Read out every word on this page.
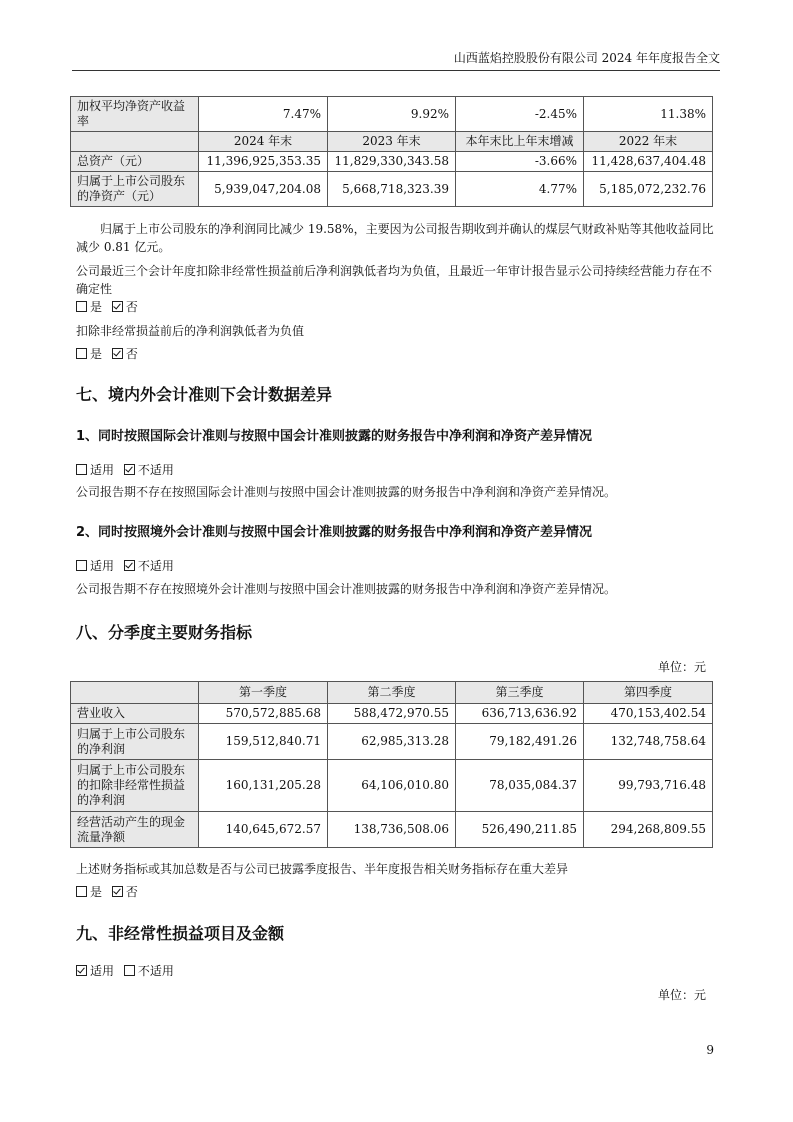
山西蓝焰控股股份有限公司 2024 年年度报告全文
加权平均净资产收益率	7.47%	9.92%	-2.45%	11.38%
	2024 年末	2023 年末	本年末比上年末增减	2022 年末
总资产（元）	11,396,925,353.35	11,829,330,343.58	-3.66%	11,428,637,404.48
归属于上市公司股东的净资产（元）	5,939,047,204.08	5,668,718,323.39	4.77%	5,185,072,232.76
归属于上市公司股东的净利润同比减少 19.58%，主要因为公司报告期收到并确认的煤层气财政补贴等其他收益同比减少 0.81 亿元。
公司最近三个会计年度扣除非经常性损益前后净利润孰低者均为负值，且最近一年审计报告显示公司持续经营能力存在不确定性
是 否
扣除非经常损益前后的净利润孰低者为负值
是 否
七、境内外会计准则下会计数据差异
1、同时按照国际会计准则与按照中国会计准则披露的财务报告中净利润和净资产差异情况
适用 不适用
公司报告期不存在按照国际会计准则与按照中国会计准则披露的财务报告中净利润和净资产差异情况。
2、同时按照境外会计准则与按照中国会计准则披露的财务报告中净利润和净资产差异情况
适用 不适用
公司报告期不存在按照境外会计准则与按照中国会计准则披露的财务报告中净利润和净资产差异情况。
八、分季度主要财务指标
单位：元
	第一季度	第二季度	第三季度	第四季度
营业收入	570,572,885.68	588,472,970.55	636,713,636.92	470,153,402.54
归属于上市公司股东的净利润	159,512,840.71	62,985,313.28	79,182,491.26	132,748,758.64
归属于上市公司股东的扣除非经常性损益的净利润	160,131,205.28	64,106,010.80	78,035,084.37	99,793,716.48
经营活动产生的现金流量净额	140,645,672.57	138,736,508.06	526,490,211.85	294,268,809.55
上述财务指标或其加总数是否与公司已披露季度报告、半年度报告相关财务指标存在重大差异
是 否
九、非经常性损益项目及金额
适用 不适用
单位：元
9
